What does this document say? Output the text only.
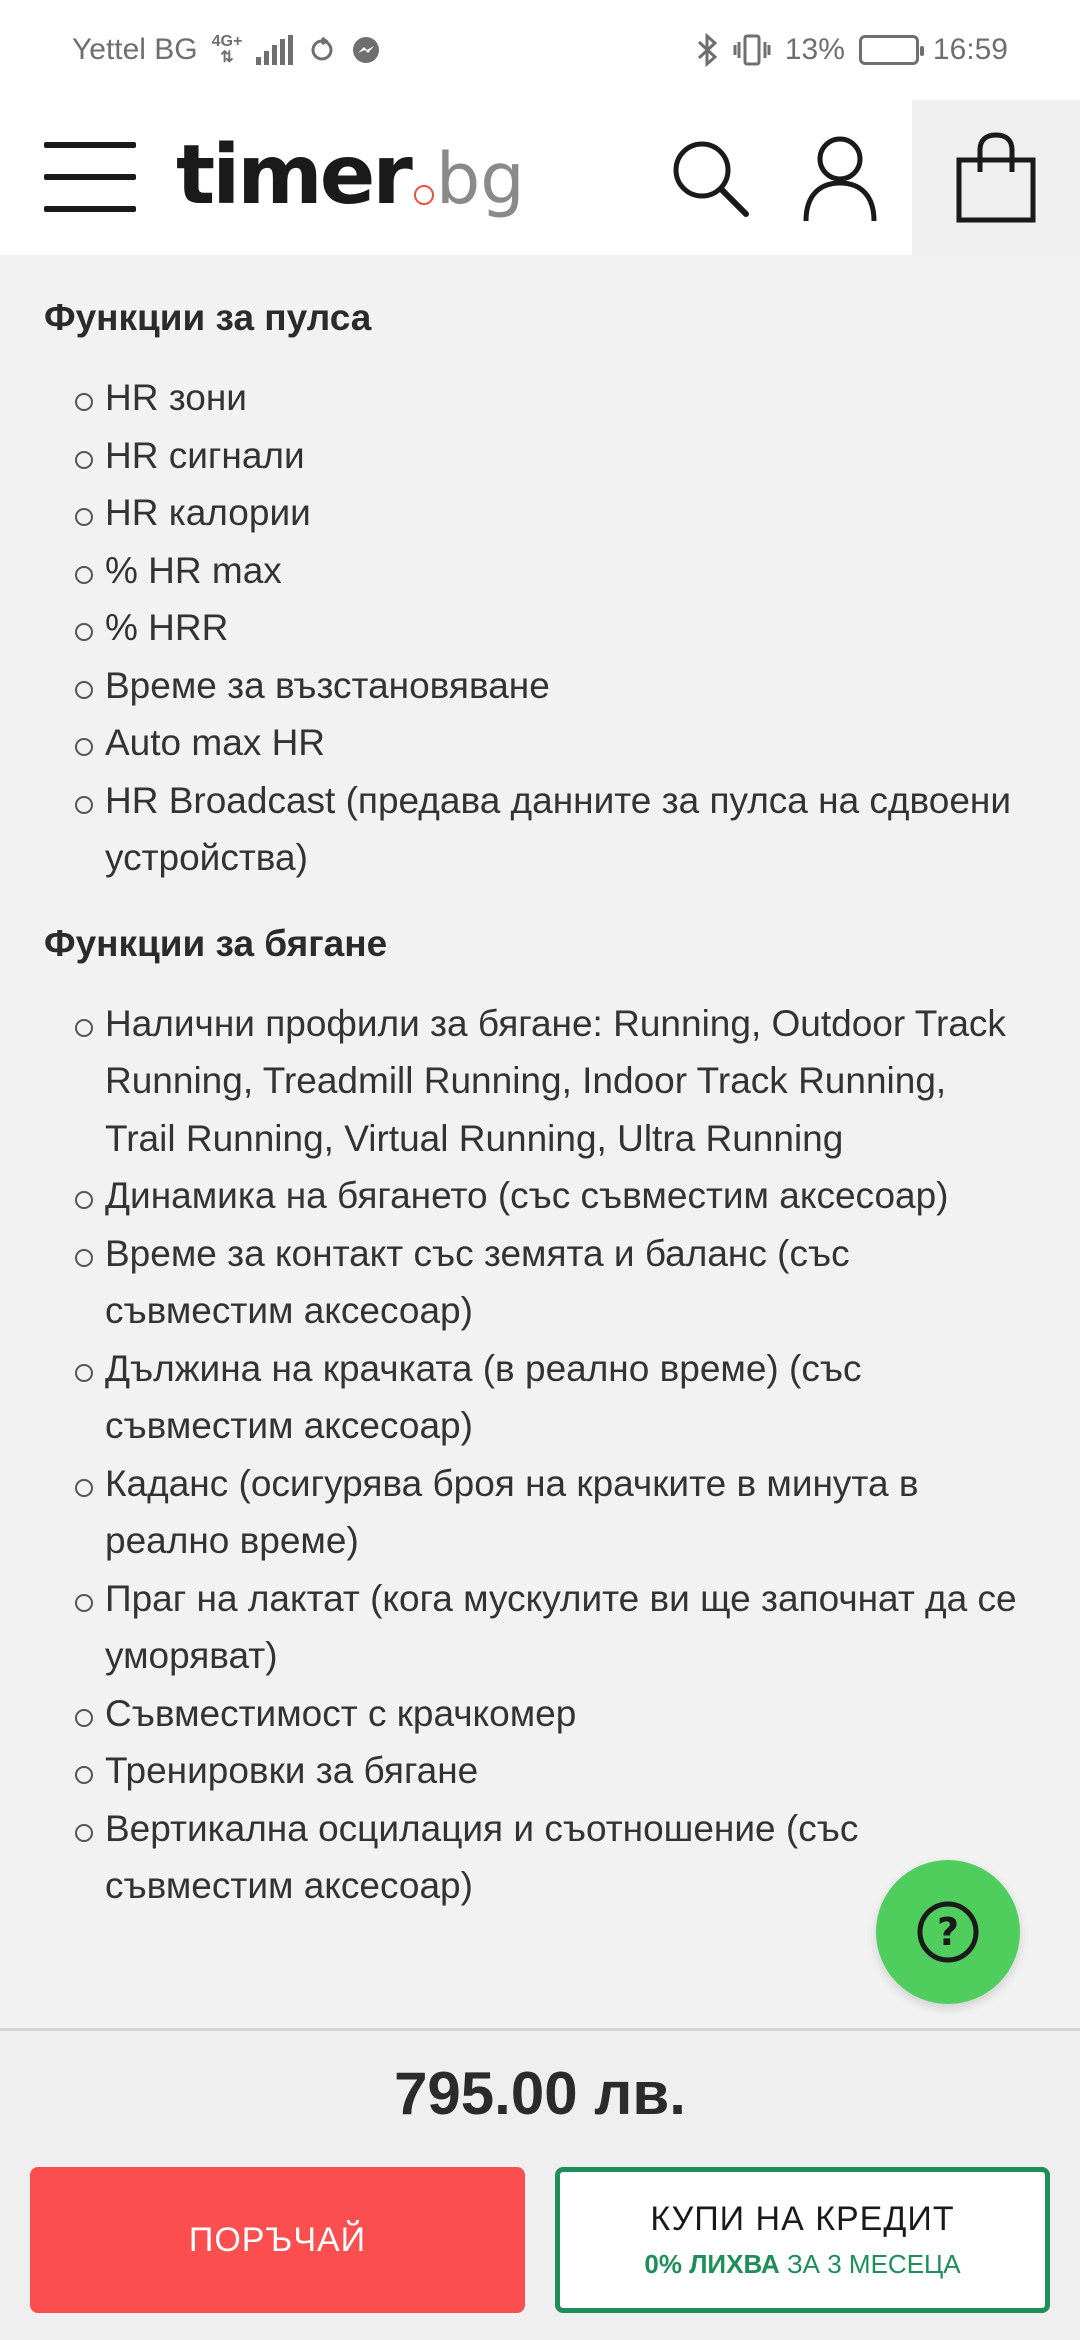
Yettel BG 4G+
⇅	13%	16:59
timer bg
Функции за пулса
HR зони
HR сигнали
HR калории
% HR max
% HRR
Време за възстановяване
Auto max HR
HR Broadcast (предава данните за пулса на сдвоени устройства)
Функции за бягане
Налични профили за бягане: Running, Outdoor Track Running, Treadmill Running, Indoor Track Running, Trail Running, Virtual Running, Ultra Running
Динамика на бягането (със съвместим аксесоар)
Време за контакт със земята и баланс (със съвместим аксесоар)
Дължина на крачката (в реално време) (със съвместим аксесоар)
Каданс (осигурява броя на крачките в минута в реално време)
Праг на лактат (кога мускулите ви ще започнат да се уморяват)
Съвместимост с крачкомер
Тренировки за бягане
Вертикална осцилация и съотношение (със съвместим аксесоар)
?
795.00 лв.
ПОРЪЧАЙ
КУПИ НА КРЕДИТ
0% ЛИХВА ЗА 3 МЕСЕЦА
